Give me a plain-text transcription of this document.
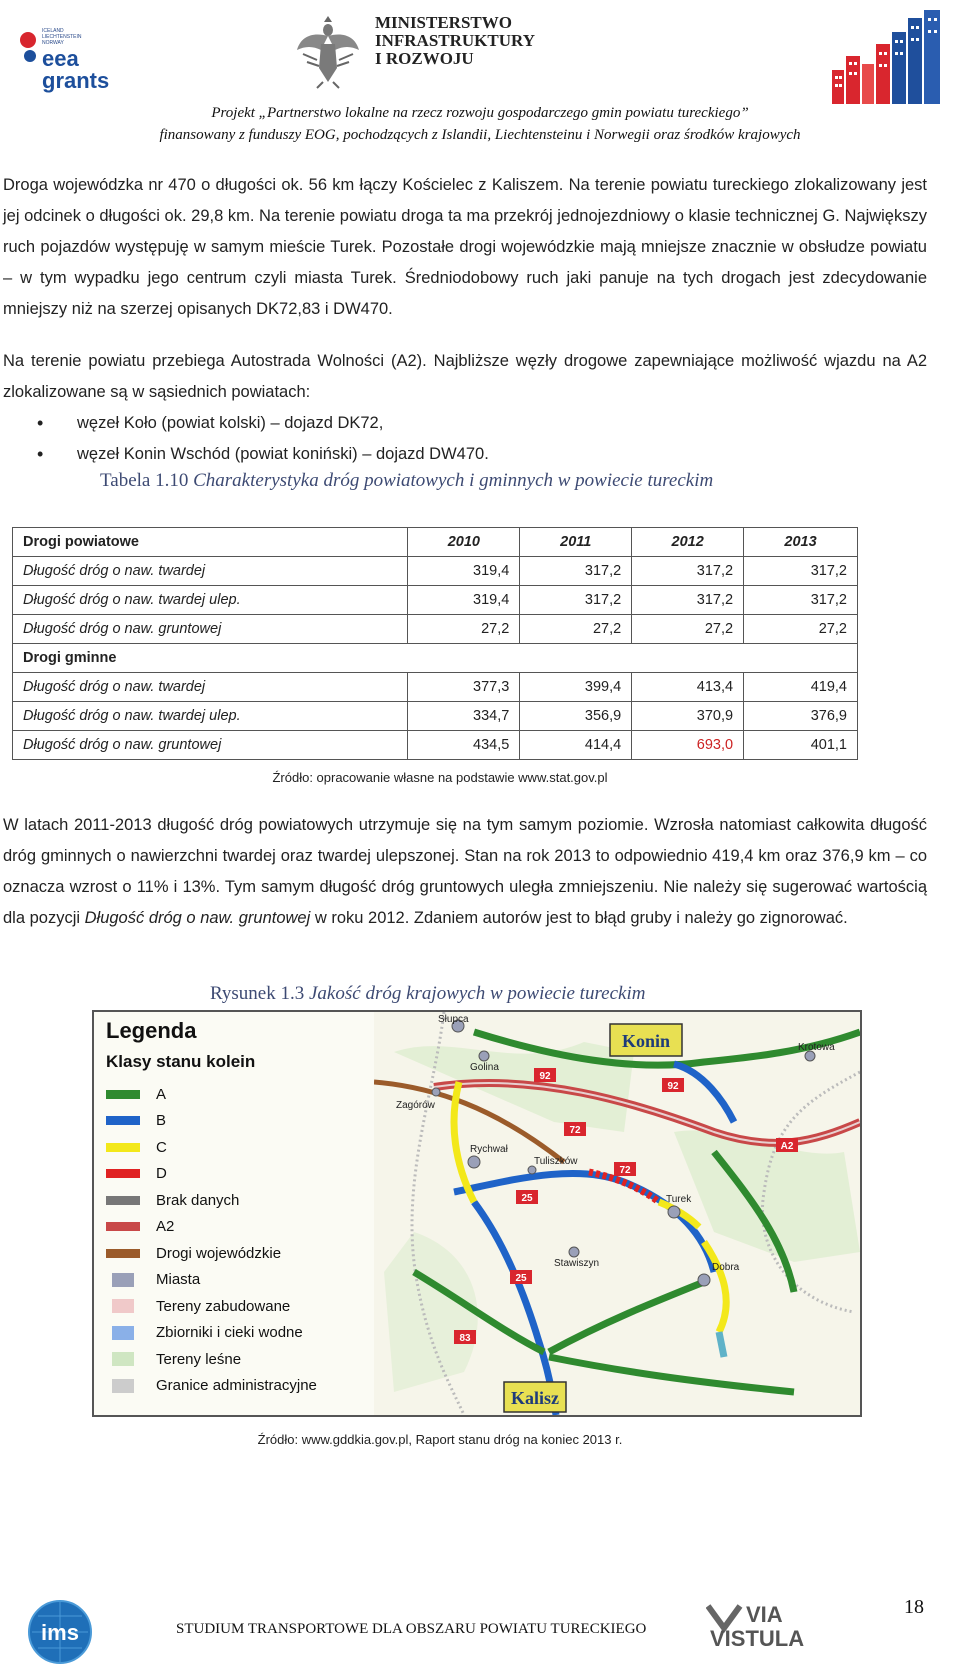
ICELAND
LIECHTENSTEIN
NORWAY
eea
grants
MINISTERSTWO
INFRASTRUKTURY
I ROZWOJU
Projekt „Partnerstwo lokalne na rzecz rozwoju gospodarczego gmin powiatu tureckiego”
finansowany z funduszy EOG, pochodzących z Islandii, Liechtensteinu i Norwegii oraz środków krajowych

Droga wojewódzka nr 470 o długości ok. 56 km łączy Kościelec z Kaliszem. Na terenie powiatu tureckiego zlokalizowany jest jej odcinek o długości ok. 29,8 km. Na terenie powiatu droga ta ma przekrój jednojezdniowy o klasie technicznej G. Największy ruch pojazdów występuję w samym mieście Turek. Pozostałe drogi wojewódzkie mają mniejsze znacznie w obsłudze powiatu – w tym wypadku jego centrum czyli miasta Turek. Średniodobowy ruch jaki panuje na tych drogach jest zdecydowanie mniejszy niż na szerzej opisanych DK72,83 i DW470.

Na terenie powiatu przebiega Autostrada Wolności (A2). Najbliższe węzły drogowe zapewniające możliwość wjazdu na A2 zlokalizowane są w sąsiednich powiatach:

• węzeł Koło (powiat kolski) – dojazd DK72,
• węzeł Konin Wschód (powiat koniński) – dojazd DW470.
Tabela 1.10 Charakterystyka dróg powiatowych i gminnych w powiecie tureckim
Drogi powiatowe	2010	2011	2012	2013
Długość dróg o naw. twardej	319,4	317,2	317,2	317,2
Długość dróg o naw. twardej ulep.	319,4	317,2	317,2	317,2
Długość dróg o naw. gruntowej	27,2	27,2	27,2	27,2
Drogi gminne				
Długość dróg o naw. twardej	377,3	399,4	413,4	419,4
Długość dróg o naw. twardej ulep.	334,7	356,9	370,9	376,9
Długość dróg o naw. gruntowej	434,5	414,4	693,0	401,1
Źródło: opracowanie własne na podstawie www.stat.gov.pl

W latach 2011-2013 długość dróg powiatowych utrzymuje się na tym samym poziomie. Wzrosła natomiast całkowita długość dróg gminnych o nawierzchni twardej oraz twardej ulepszonej. Stan na rok 2013 to odpowiednio 419,4 km oraz 376,9 km – co oznacza wzrost o 11% i 13%. Tym samym długość dróg gruntowych uległa zmniejszeniu. Nie należy się sugerować wartością dla pozycji Długość dróg o naw. gruntowej w roku 2012. Zdaniem autorów jest to błąd gruby i należy go zignorować.

Rysunek 1.3 Jakość dróg krajowych w powiecie tureckim
Legenda
Klasy stanu kolein
A
B
C
D
Brak danych
A2
Drogi wojewódzkie
Miasta
Tereny zabudowane
Zbiorniki i cieki wodne
Tereny leśne
Granice administracyjne
92
92
72
72
25
25
83
A2
Słupca
Golina
Krotowa
Zagórów
Rychwał
Tuliszków
Turek
Stawiszyn	Dobra
Konin
Kalisz
Źródło: www.gddkia.gov.pl, Raport stanu dróg na koniec 2013 r.
ims	STUDIUM TRANSPORTOWE DLA OBSZARU POWIATU TURECKIEGO
VIA
VISTULA
18
